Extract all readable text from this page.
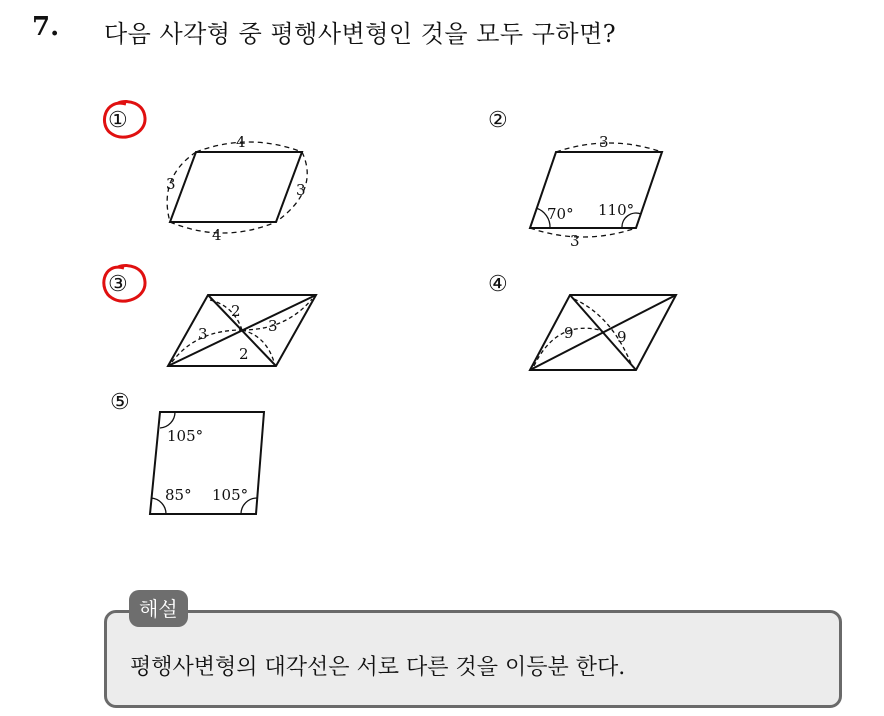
7. 다음 사각형 중 평행사변형인 것을 모두 구하면?
①
4
3	3
4
②
3
70° 110°
3
③
2
3	3
2
④
9	9
⑤
105°
85° 105°
해설
평행사변형의 대각선은 서로 다른 것을 이등분 한다.
